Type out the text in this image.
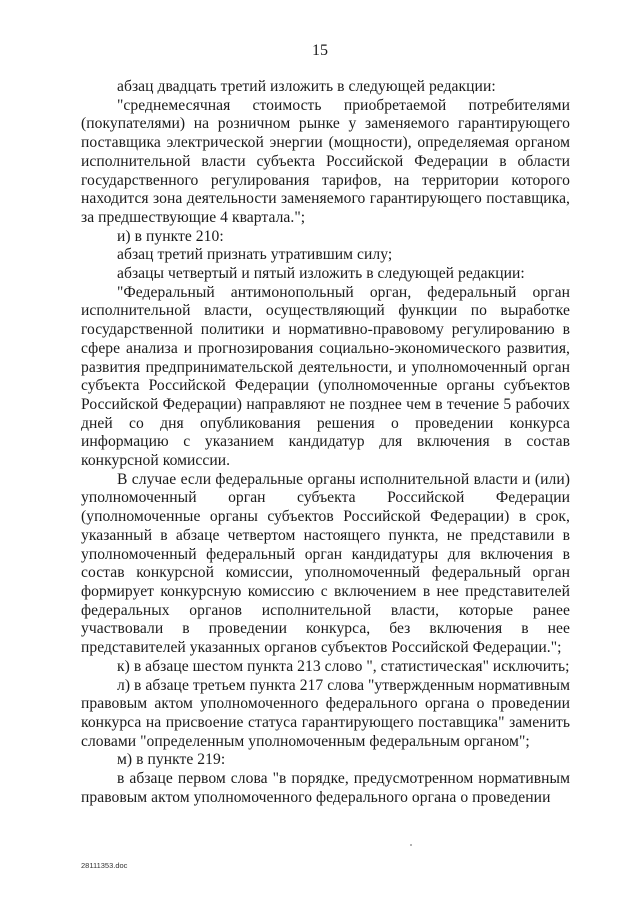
15

абзац двадцать третий изложить в следующей редакции:

"среднемесячная стоимость приобретаемой потребителями (покупателями) на розничном рынке у заменяемого гарантирующего поставщика электрической энергии (мощности), определяемая органом исполнительной власти субъекта Российской Федерации в области государственного регулирования тарифов, на территории которого находится зона деятельности заменяемого гарантирующего поставщика, за предшествующие 4 квартала.";

и) в пункте 210:

абзац третий признать утратившим силу;

абзацы четвертый и пятый изложить в следующей редакции:

"Федеральный антимонопольный орган, федеральный орган исполнительной власти, осуществляющий функции по выработке государственной политики и нормативно-правовому регулированию в сфере анализа и прогнозирования социально-экономического развития, развития предпринимательской деятельности, и уполномоченный орган субъекта Российской Федерации (уполномоченные органы субъектов Российской Федерации) направляют не позднее чем в течение 5 рабочих дней со дня опубликования решения о проведении конкурса информацию с указанием кандидатур для включения в состав конкурсной комиссии.

В случае если федеральные органы исполнительной власти и (или) уполномоченный орган субъекта Российской Федерации (уполномоченные органы субъектов Российской Федерации) в срок, указанный в абзаце четвертом настоящего пункта, не представили в уполномоченный федеральный орган кандидатуры для включения в состав конкурсной комиссии, уполномоченный федеральный орган формирует конкурсную комиссию с включением в нее представителей федеральных органов исполнительной власти, которые ранее участвовали в проведении конкурса, без включения в нее представителей указанных органов субъектов Российской Федерации.";

к) в абзаце шестом пункта 213 слово ", статистическая" исключить;

л) в абзаце третьем пункта 217 слова "утвержденным нормативным правовым актом уполномоченного федерального органа о проведении конкурса на присвоение статуса гарантирующего поставщика" заменить словами "определенным уполномоченным федеральным органом";

м) в пункте 219:

в абзаце первом слова "в порядке, предусмотренном нормативным правовым актом уполномоченного федерального органа о проведении

28111353.doc
